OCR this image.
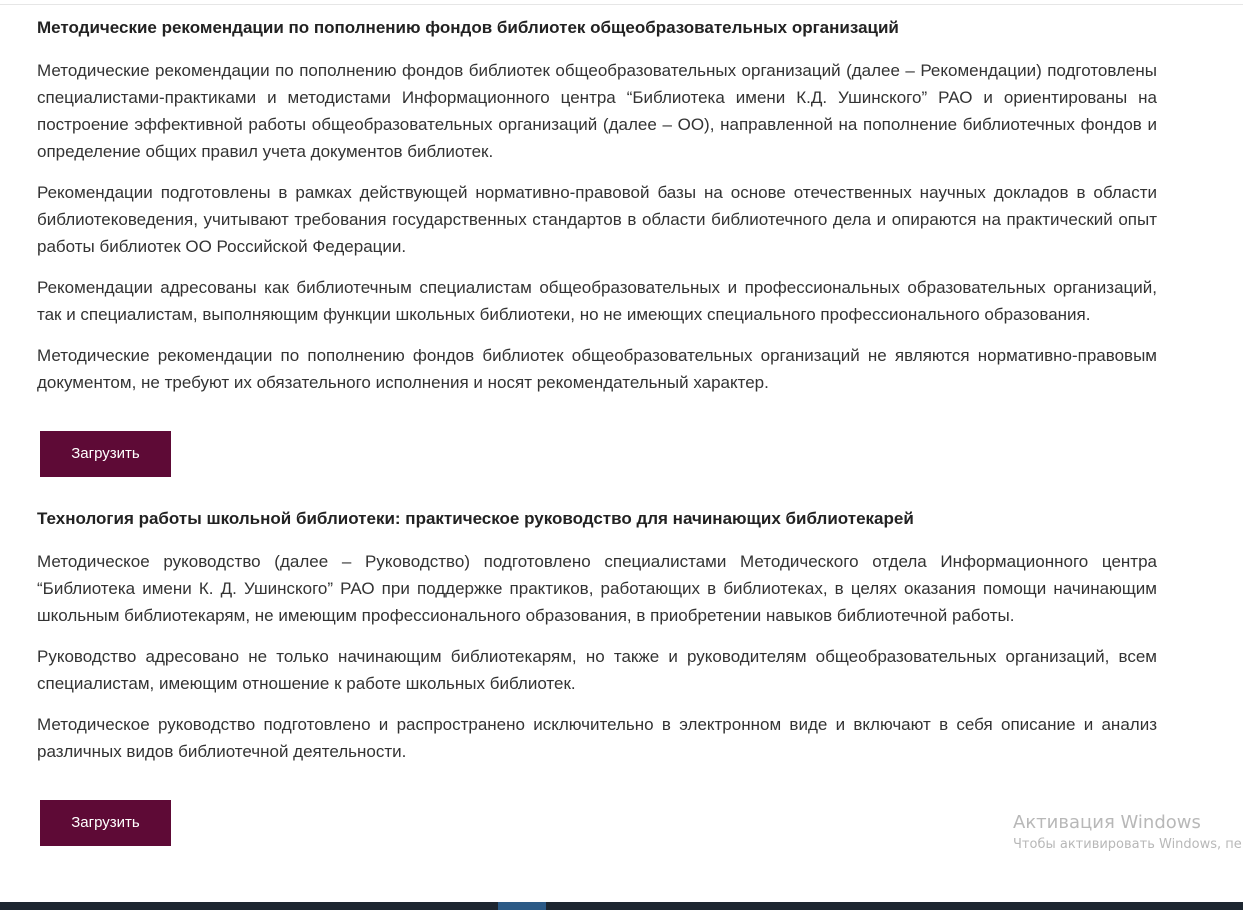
Методические рекомендации по пополнению фондов библиотек общеобразовательных организаций

Методические рекомендации по пополнению фондов библиотек общеобразовательных организаций (далее – Рекомендации) подготовлены специалистами-практиками и методистами Информационного центра “Библиотека имени К.Д. Ушинского” РАО и ориентированы на построение эффективной работы общеобразовательных организаций (далее – ОО), направленной на пополнение библиотечных фондов и определение общих правил учета документов библиотек.

Рекомендации подготовлены в рамках действующей нормативно-правовой базы на основе отечественных научных докладов в области библиотековедения, учитывают требования государственных стандартов в области библиотечного дела и опираются на практический опыт работы библиотек ОО Российской Федерации.

Рекомендации адресованы как библиотечным специалистам общеобразовательных и профессиональных образовательных организаций, так и специалистам, выполняющим функции школьных библиотеки, но не имеющих специального профессионального образования.

Методические рекомендации по пополнению фондов библиотек общеобразовательных организаций не являются нормативно-правовым документом, не требуют их обязательного исполнения и носят рекомендательный характер.

Загрузить
Технология работы школьной библиотеки: практическое руководство для начинающих библиотекарей

Методическое руководство (далее – Руководство) подготовлено специалистами Методического отдела Информационного центра “Библиотека имени К. Д. Ушинского” РАО при поддержке практиков, работающих в библиотеках, в целях оказания помощи начинающим школьным библиотекарям, не имеющим профессионального образования, в приобретении навыков библиотечной работы.

Руководство адресовано не только начинающим библиотекарям, но также и руководителям общеобразовательных организаций, всем специалистам, имеющим отношение к работе школьных библиотек.

Методическое руководство подготовлено и распространено исключительно в электронном виде и включают в себя описание и анализ различных видов библиотечной деятельности.

Загрузить	Активация Windows
Чтобы активировать Windows, пе
